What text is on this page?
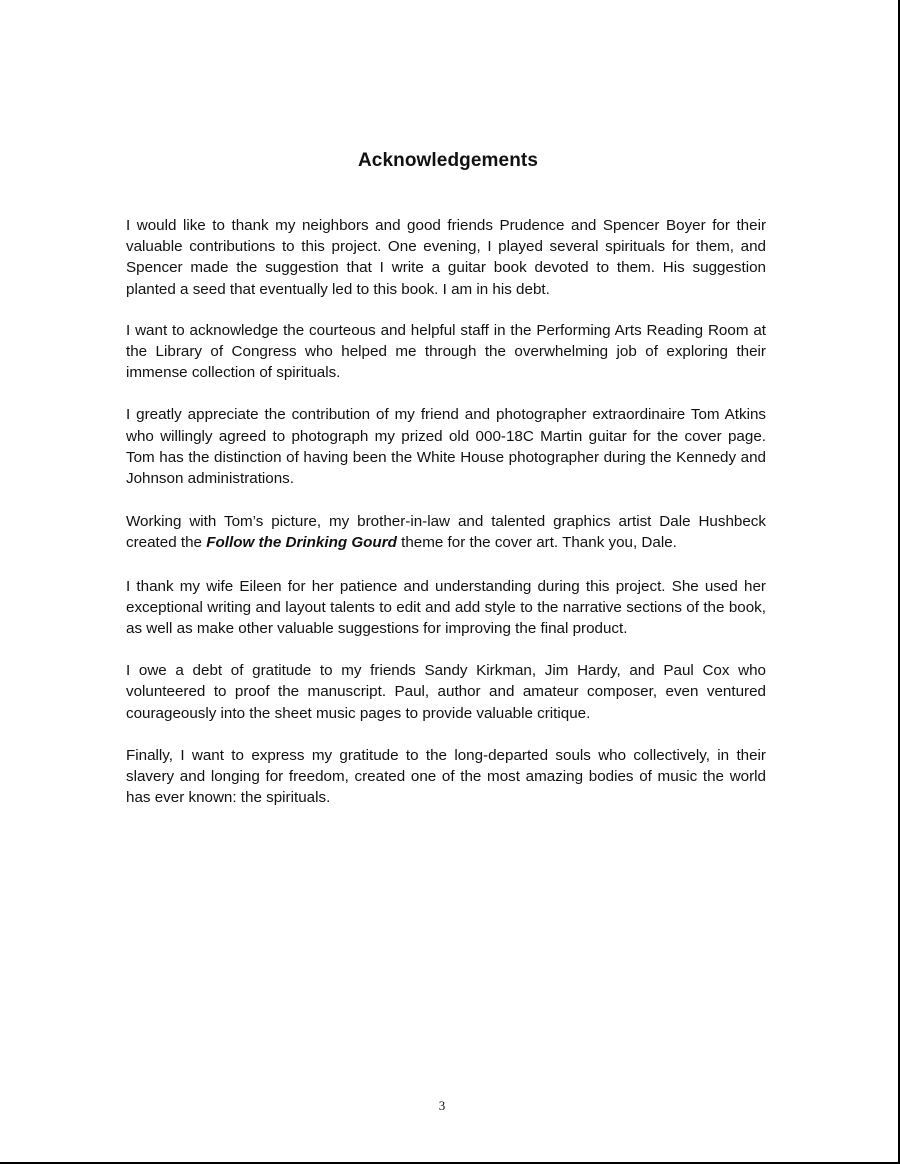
Acknowledgements

I would like to thank my neighbors and good friends Prudence and Spencer Boyer for their valuable contributions to this project. One evening, I played several spirituals for them, and Spencer made the suggestion that I write a guitar book devoted to them. His suggestion planted a seed that eventually led to this book. I am in his debt.

I want to acknowledge the courteous and helpful staff in the Performing Arts Reading Room at the Library of Congress who helped me through the overwhelming job of exploring their immense collection of spirituals.

I greatly appreciate the contribution of my friend and photographer extraordinaire Tom Atkins who willingly agreed to photograph my prized old 000-18C Martin guitar for the cover page. Tom has the distinction of having been the White House photographer during the Kennedy and Johnson administrations.

Working with Tom’s picture, my brother-in-law and talented graphics artist Dale Hushbeck created the Follow the Drinking Gourd theme for the cover art. Thank you, Dale.

I thank my wife Eileen for her patience and understanding during this project. She used her exceptional writing and layout talents to edit and add style to the narrative sections of the book, as well as make other valuable suggestions for improving the final product.

I owe a debt of gratitude to my friends Sandy Kirkman, Jim Hardy, and Paul Cox who volunteered to proof the manuscript. Paul, author and amateur composer, even ventured courageously into the sheet music pages to provide valuable critique.

Finally, I want to express my gratitude to the long-departed souls who collectively, in their slavery and longing for freedom, created one of the most amazing bodies of music the world has ever known: the spirituals.

3
